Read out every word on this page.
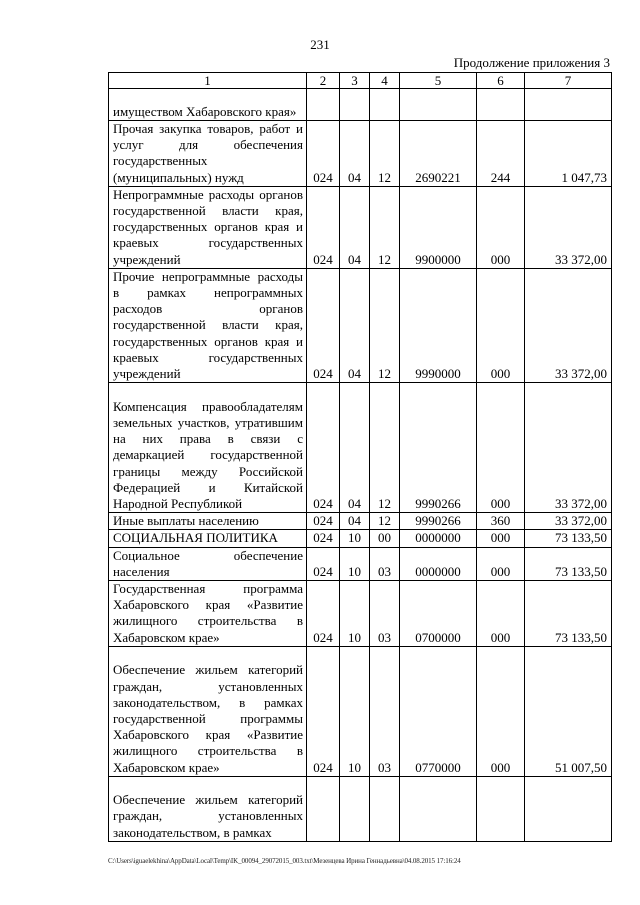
231
Продолжение приложения 3
1	2	3	4	5	6	7
имуществом Хабаровского края»						
Прочая закупка товаров, работ и услуг для обеспечения государственных (муниципальных) нужд	024	04	12	2690221	244	1 047,73
Непрограммные расходы органов государственной власти края, государственных органов края и краевых государственных учреждений	024	04	12	9900000	000	33 372,00
Прочие непрограммные расходы в рамках непрограммных расходов органов государственной власти края, государственных органов края и краевых государственных учреждений	024	04	12	9990000	000	33 372,00
Компенсация правообладателям земельных участков, утратившим на них права в связи с демаркацией государственной границы между Российской Федерацией и Китайской Народной Республикой	024	04	12	9990266	000	33 372,00
Иные выплаты населению	024	04	12	9990266	360	33 372,00
СОЦИАЛЬНАЯ ПОЛИТИКА	024	10	00	0000000	000	73 133,50
Социальное обеспечение населения	024	10	03	0000000	000	73 133,50
Государственная программа Хабаровского края «Развитие жилищного строительства в Хабаровском крае»	024	10	03	0700000	000	73 133,50
Обеспечение жильем категорий граждан, установленных законодательством, в рамках государственной программы Хабаровского края «Развитие жилищного строительства в Хабаровском крае»	024	10	03	0770000	000	51 007,50
Обеспечение жильем категорий граждан, установленных законодательством, в рамках						
C:\Users\iguaelekhina\AppData\Local\Temp\IK_00094_29072015_003.txt\Мезенцева Ирина Геннадьевна\04.08.2015 17:16:24
